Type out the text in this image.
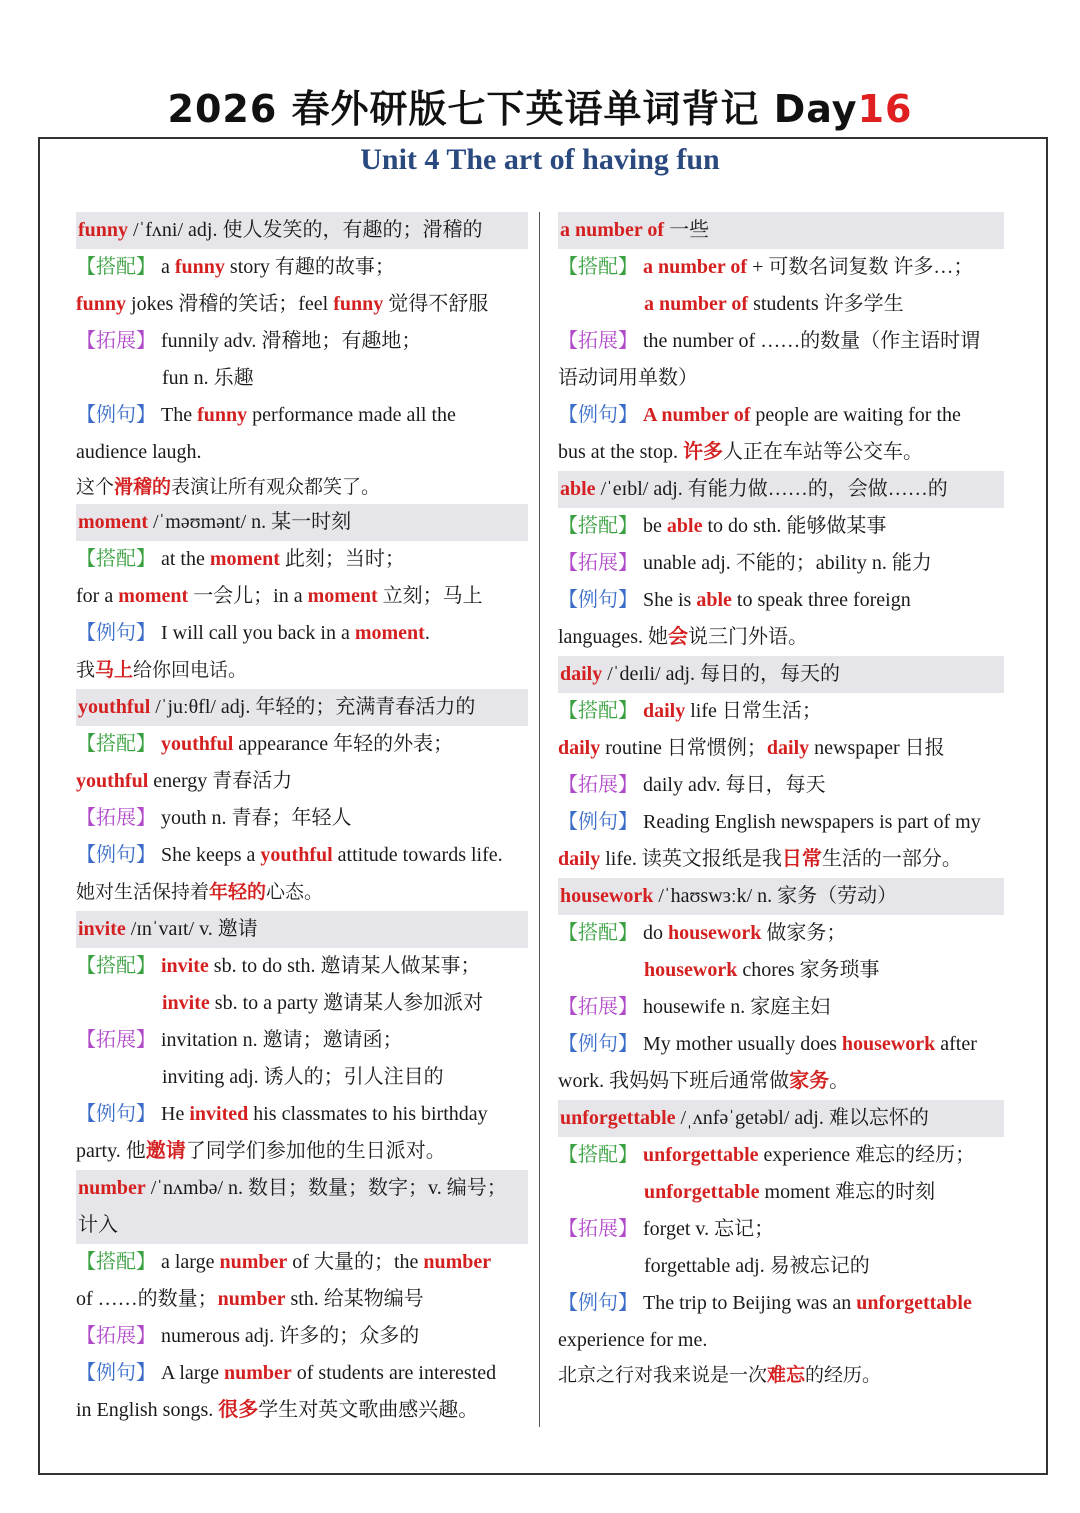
2026 春外研版七下英语单词背记 Day16
Unit 4 The art of having fun
funny /ˈfʌni/ adj. 使人发笑的，有趣的；滑稽的
【搭配】 a funny story 有趣的故事；
funny jokes 滑稽的笑话；feel funny 觉得不舒服
【拓展】 funnily adv. 滑稽地；有趣地；
fun n. 乐趣
【例句】 The funny performance made all the
audience laugh.
这个滑稽的表演让所有观众都笑了。
moment /ˈməʊmənt/ n. 某一时刻
【搭配】 at the moment 此刻；当时；
for a moment 一会儿；in a moment 立刻；马上
【例句】 I will call you back in a moment.
我马上给你回电话。
youthful /ˈjuːθfl/ adj. 年轻的；充满青春活力的
【搭配】 youthful appearance 年轻的外表；
youthful energy 青春活力
【拓展】 youth n. 青春；年轻人
【例句】 She keeps a youthful attitude towards life.
她对生活保持着年轻的心态。
invite /ɪnˈvaɪt/ v. 邀请
【搭配】 invite sb. to do sth. 邀请某人做某事；
invite sb. to a party 邀请某人参加派对
【拓展】 invitation n. 邀请；邀请函；
inviting adj. 诱人的；引人注目的
【例句】 He invited his classmates to his birthday
party. 他邀请了同学们参加他的生日派对。
number /ˈnʌmbə/ n. 数目；数量；数字；v. 编号；计入
【搭配】 a large number of 大量的；the number
of ……的数量；number sth. 给某物编号
【拓展】 numerous adj. 许多的；众多的
【例句】 A large number of students are interested
in English songs. 很多学生对英文歌曲感兴趣。
a number of 一些
【搭配】 a number of + 可数名词复数 许多…；
a number of students 许多学生
【拓展】 the number of ……的数量（作主语时谓
语动词用单数）
【例句】 A number of people are waiting for the
bus at the stop. 许多人正在车站等公交车。
able /ˈeɪbl/ adj. 有能力做……的，会做……的
【搭配】 be able to do sth. 能够做某事
【拓展】 unable adj. 不能的；ability n. 能力
【例句】 She is able to speak three foreign
languages. 她会说三门外语。
daily /ˈdeɪli/ adj. 每日的，每天的
【搭配】 daily life 日常生活；
daily routine 日常惯例；daily newspaper 日报
【拓展】 daily adv. 每日，每天
【例句】 Reading English newspapers is part of my
daily life. 读英文报纸是我日常生活的一部分。
housework /ˈhaʊswɜːk/ n. 家务（劳动）
【搭配】 do housework 做家务；
housework chores 家务琐事
【拓展】 housewife n. 家庭主妇
【例句】 My mother usually does housework after
work. 我妈妈下班后通常做家务。
unforgettable /ˌʌnfəˈgetəbl/ adj. 难以忘怀的
【搭配】 unforgettable experience 难忘的经历；
unforgettable moment 难忘的时刻
【拓展】 forget v. 忘记；
forgettable adj. 易被忘记的
【例句】 The trip to Beijing was an unforgettable
experience for me.
北京之行对我来说是一次难忘的经历。
